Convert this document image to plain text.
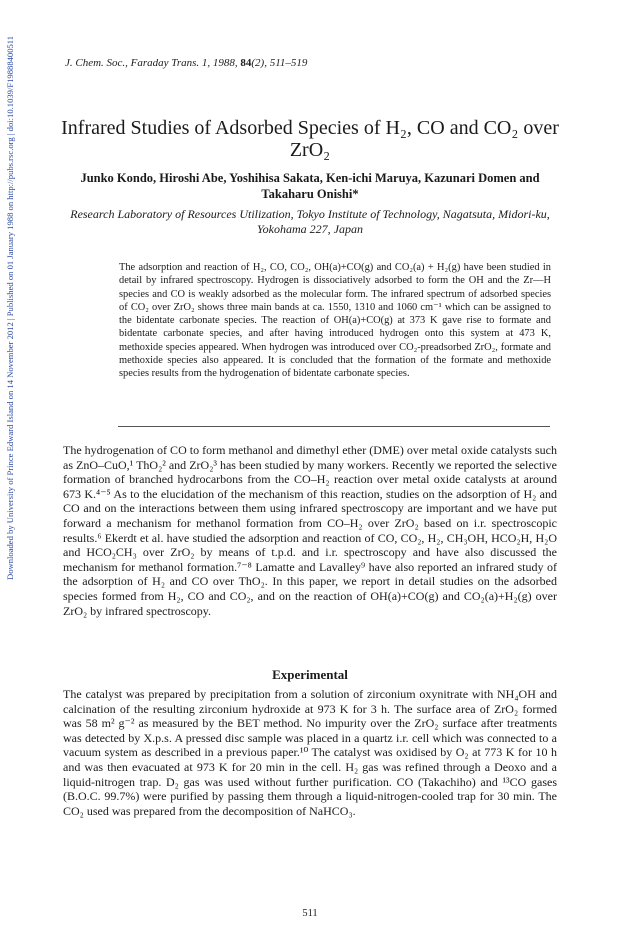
Downloaded by University of Prince Edward Island on 14 November 2012 | Published on 01 January 1988 on http://pubs.rsc.org | doi:10.1039/F19888400511	J. Chem. Soc., Faraday Trans. 1, 1988, 84(2), 511–519
Infrared Studies of Adsorbed Species of H₂, CO and CO₂ over ZrO₂
Junko Kondo, Hiroshi Abe, Yoshihisa Sakata, Ken-ichi Maruya, Kazunari Domen and Takaharu Onishi*
Research Laboratory of Resources Utilization, Tokyo Institute of Technology, Nagatsuta, Midori-ku, Yokohama 227, Japan
The adsorption and reaction of H₂, CO, CO₂, OH(a)+CO(g) and CO₂(a) + H₂(g) have been studied in detail by infrared spectroscopy. Hydrogen is dissociatively adsorbed to form the OH and the Zr—H species and CO is weakly adsorbed as the molecular form. The infrared spectrum of adsorbed species of CO₂ over ZrO₂ shows three main bands at ca. 1550, 1310 and 1060 cm⁻¹ which can be assigned to the bidentate carbonate species. The reaction of OH(a)+CO(g) at 373 K gave rise to formate and bidentate carbonate species, and after having introduced hydrogen onto this system at 473 K, methoxide species appeared. When hydrogen was introduced over CO₂-preadsorbed ZrO₂, formate and methoxide species also appeared. It is concluded that the formation of the formate and methoxide species results from the hydrogenation of bidentate carbonate species.
The hydrogenation of CO to form methanol and dimethyl ether (DME) over metal oxide catalysts such as ZnO–CuO,¹ ThO₂² and ZrO₂³ has been studied by many workers. Recently we reported the selective formation of branched hydrocarbons from the CO–H₂ reaction over metal oxide catalysts at around 673 K.⁴⁻⁵ As to the elucidation of the mechanism of this reaction, studies on the adsorption of H₂ and CO and on the interactions between them using infrared spectroscopy are important and we have put forward a mechanism for methanol formation from CO–H₂ over ZrO₂ based on i.r. spectroscopic results.⁶ Ekerdt et al. have studied the adsorption and reaction of CO, CO₂, H₂, CH₃OH, HCO₂H, H₂O and HCO₂CH₃ over ZrO₂ by means of t.p.d. and i.r. spectroscopy and have also discussed the mechanism for methanol formation.⁷⁻⁸ Lamatte and Lavalley⁹ have also reported an infrared study of the adsorption of H₂ and CO over ThO₂. In this paper, we report in detail studies on the adsorbed species formed from H₂, CO and CO₂, and on the reaction of OH(a)+CO(g) and CO₂(a)+H₂(g) over ZrO₂ by infrared spectroscopy.
Experimental
The catalyst was prepared by precipitation from a solution of zirconium oxynitrate with NH₄OH and calcination of the resulting zirconium hydroxide at 973 K for 3 h. The surface area of ZrO₂ formed was 58 m² g⁻² as measured by the BET method. No impurity over the ZrO₂ surface after treatments was detected by X.p.s. A pressed disc sample was placed in a quartz i.r. cell which was connected to a vacuum system as described in a previous paper.¹⁰ The catalyst was oxidised by O₂ at 773 K for 10 h and was then evacuated at 973 K for 20 min in the cell. H₂ gas was refined through a Deoxo and a liquid-nitrogen trap. D₂ gas was used without further purification. CO (Takachiho) and ¹³CO gases (B.O.C. 99.7%) were purified by passing them through a liquid-nitrogen-cooled trap for 30 min. The CO₂ used was prepared from the decomposition of NaHCO₃.
511
